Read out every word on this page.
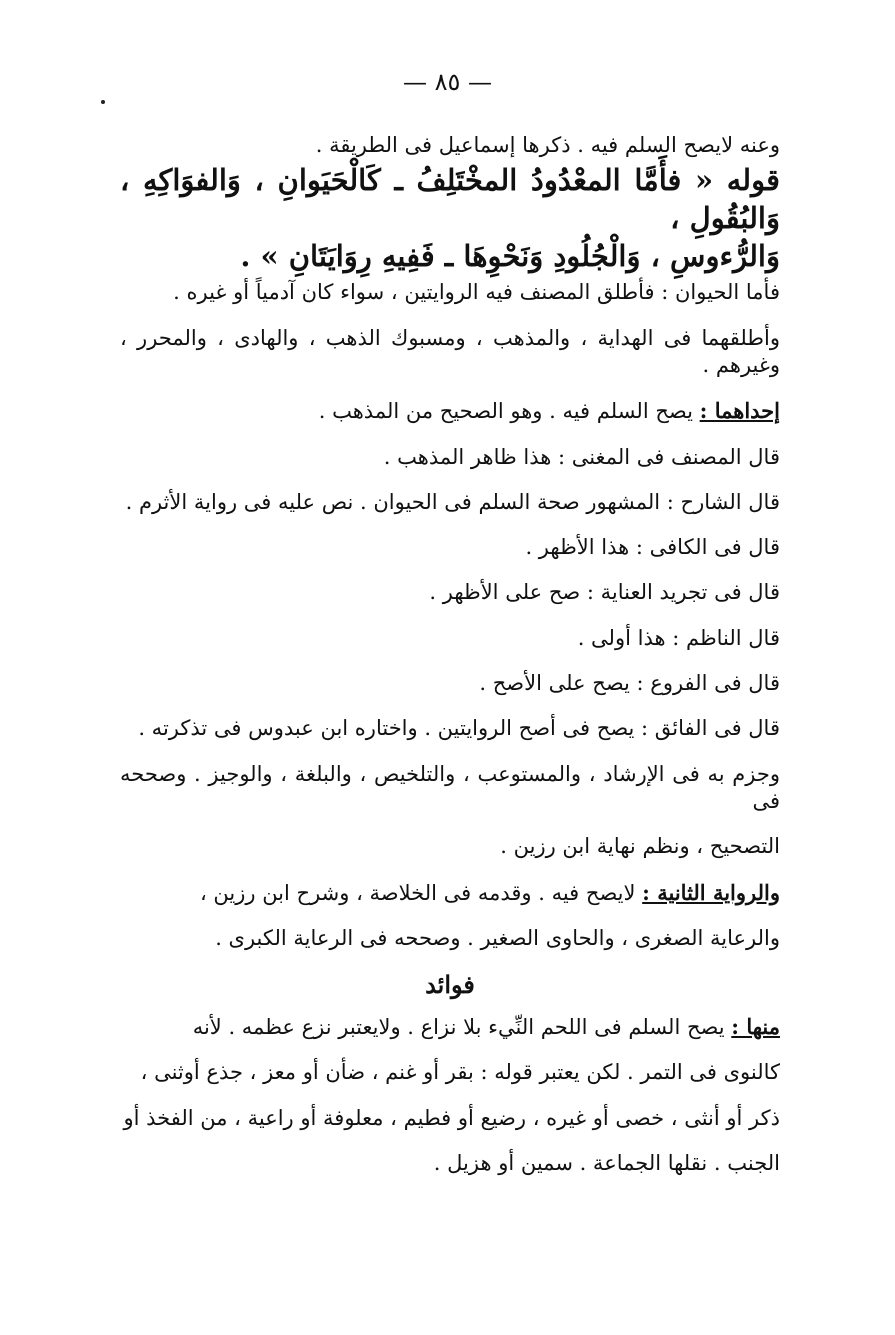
— ٨٥ —

وعنه لايصح السلم فيه . ذكرها إسماعيل فى الطريقة .

قوله « فأَمَّا المعْدُودُ المخْتَلِفُ ـ كَالْحَيَوانِ ، وَالفوَاكِهِ ، وَالبُقُولِ ،

وَالرُّءوسِ ، وَالْجُلُودِ وَنَحْوِهَا ـ فَفِيهِ رِوَايَتَانِ » .

فأما الحيوان : فأطلق المصنف فيه الروايتين ، سواء كان آدمياً أو غيره .

وأطلقهما فى الهداية ، والمذهب ، ومسبوك الذهب ، والهادى ، والمحرر ، وغيرهم .

إحداهما : يصح السلم فيه . وهو الصحيح من المذهب .

قال المصنف فى المغنى : هذا ظاهر المذهب .

قال الشارح : المشهور صحة السلم فى الحيوان . نص عليه فى رواية الأثرم .

قال فى الكافى : هذا الأظهر .

قال فى تجريد العناية : صح على الأظهر .

قال الناظم : هذا أولى .

قال فى الفروع : يصح على الأصح .

قال فى الفائق : يصح فى أصح الروايتين . واختاره ابن عبدوس فى تذكرته .

وجزم به فى الإرشاد ، والمستوعب ، والتلخيص ، والبلغة ، والوجيز . وصححه فى

التصحيح ، ونظم نهاية ابن رزين .

والرواية الثانية : لايصح فيه . وقدمه فى الخلاصة ، وشرح ابن رزين ،

والرعاية الصغرى ، والحاوى الصغير . وصححه فى الرعاية الكبرى .

فوائد

منها : يصح السلم فى اللحم النِّيء بلا نزاع . ولايعتبر نزع عظمه . لأنه

كالنوى فى التمر . لكن يعتبر قوله : بقر أو غنم ، ضأن أو معز ، جذع أوثنى ،

ذكر أو أنثى ، خصى أو غيره ، رضيع أو فطيم ، معلوفة أو راعية ، من الفخذ أو

الجنب . نقلها الجماعة . سمين أو هزيل .
